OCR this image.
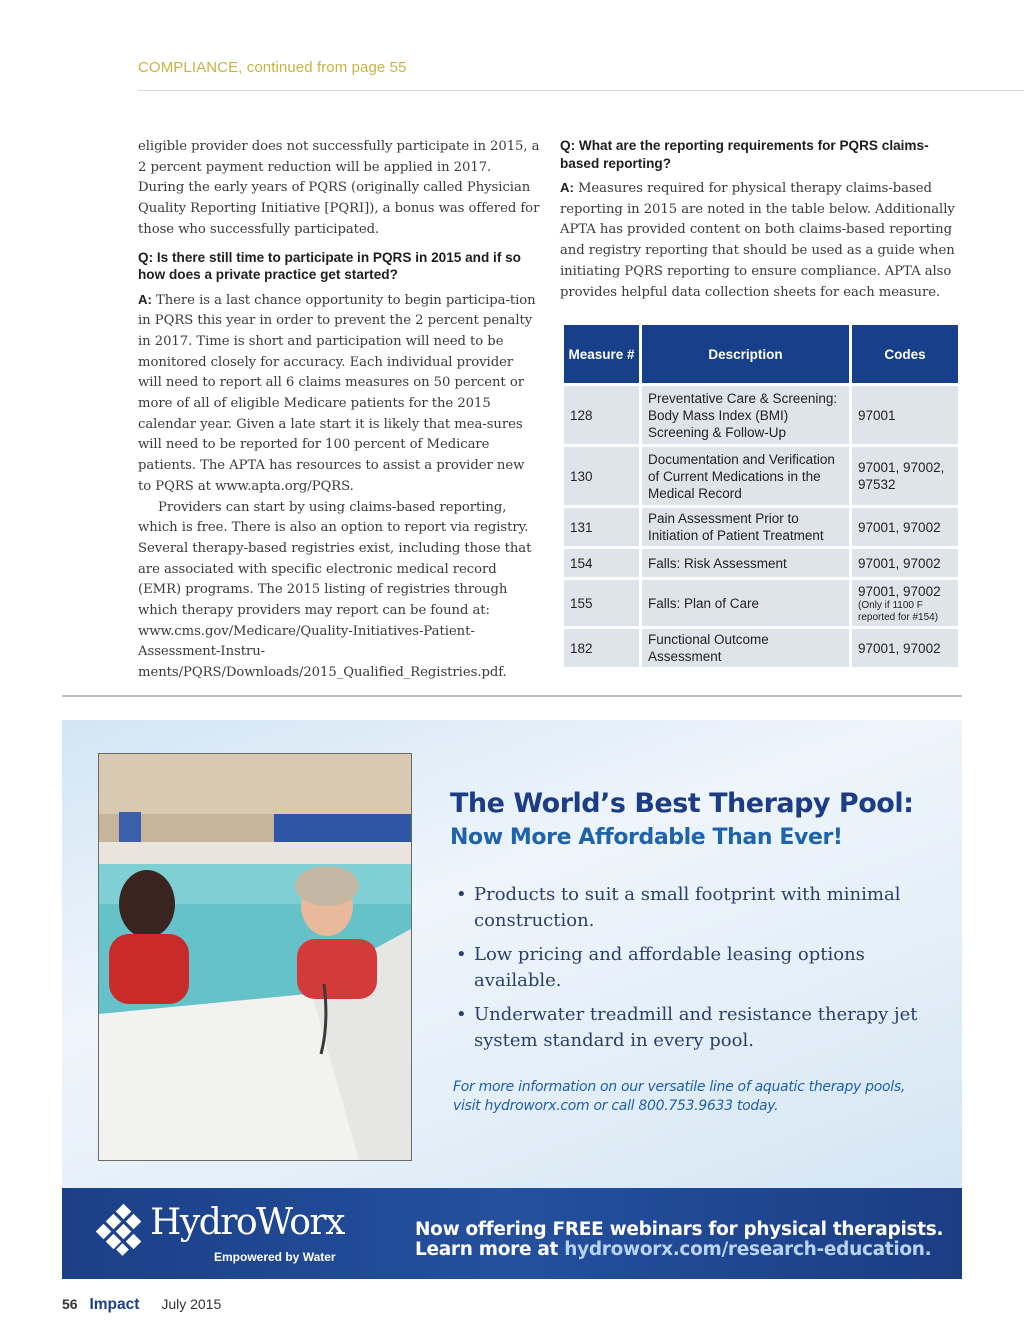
COMPLIANCE, continued from page 55

eligible provider does not successfully participate in 2015, a 2 percent payment reduction will be applied in 2017. During the early years of PQRS (originally called Physician Quality Reporting Initiative [PQRI]), a bonus was offered for those who successfully participated.

Q: Is there still time to participate in PQRS in 2015 and if so how does a private practice get started?

A: There is a last chance opportunity to begin participa-tion in PQRS this year in order to prevent the 2 percent penalty in 2017. Time is short and participation will need to be monitored closely for accuracy. Each individual provider will need to report all 6 claims measures on 50 percent or more of all of eligible Medicare patients for the 2015 calendar year. Given a late start it is likely that mea-sures will need to be reported for 100 percent of Medicare patients. The APTA has resources to assist a provider new to PQRS at www.apta.org/PQRS.

Providers can start by using claims-based reporting, which is free. There is also an option to report via registry. Several therapy-based registries exist, including those that are associated with specific electronic medical record (EMR) programs. The 2015 listing of registries through which therapy providers may report can be found at: www.cms.gov/Medicare/Quality-Initiatives-Patient-Assessment-Instru-ments/PQRS/Downloads/2015_Qualified_Registries.pdf.

Q: What are the reporting requirements for PQRS claims-based reporting?

A: Measures required for physical therapy claims-based reporting in 2015 are noted in the table below. Additionally APTA has provided content on both claims-based reporting and registry reporting that should be used as a guide when initiating PQRS reporting to ensure compliance. APTA also provides helpful data collection sheets for each measure.

Measure #	Description	Codes
128	Preventative Care & Screening: Body Mass Index (BMI) Screening & Follow-Up	97001
130	Documentation and Verification of Current Medications in the Medical Record	97001, 97002, 97532
131	Pain Assessment Prior to Initiation of Patient Treatment	97001, 97002
154	Falls: Risk Assessment	97001, 97002
155	Falls: Plan of Care	97001, 97002
(Only if 1100 F reported for #154)

182	Functional Outcome Assessment	97001, 97002
The World’s Best Therapy Pool:
Now More Affordable Than Ever!
• Products to suit a small footprint with minimal construction.
• Low pricing and affordable leasing options available.
• Underwater treadmill and resistance therapy jet system standard in every pool.
For more information on our versatile line of aquatic therapy pools,
visit hydroworx.com or call 800.753.9633 today.
HydroWorx
Empowered by Water
Now offering FREE webinars for physical therapists.
Learn more at hydroworx.com/research-education.
56 Impact July 2015
